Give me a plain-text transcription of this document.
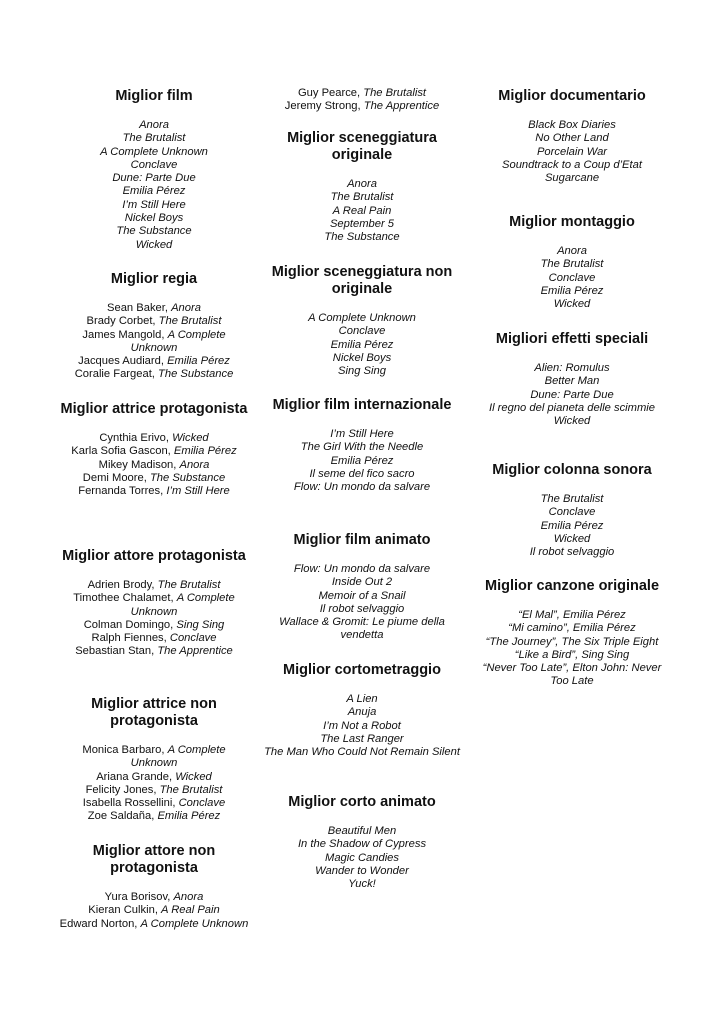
Miglior film
Anora
The Brutalist
A Complete Unknown
Conclave
Dune: Parte Due
Emilia Pérez
I’m Still Here
Nickel Boys
The Substance
Wicked
Miglior regia
Sean Baker, Anora
Brady Corbet, The Brutalist
James Mangold, A Complete Unknown
Jacques Audiard, Emilia Pérez
Coralie Fargeat, The Substance
Miglior attrice protagonista
Cynthia Erivo, Wicked
Karla Sofia Gascon, Emilia Pérez
Mikey Madison, Anora
Demi Moore, The Substance
Fernanda Torres, I’m Still Here
Miglior attore protagonista
Adrien Brody, The Brutalist
Timothee Chalamet, A Complete Unknown
Colman Domingo, Sing Sing
Ralph Fiennes, Conclave
Sebastian Stan, The Apprentice
Miglior attrice non protagonista
Monica Barbaro, A Complete Unknown
Ariana Grande, Wicked
Felicity Jones, The Brutalist
Isabella Rossellini, Conclave
Zoe Saldaña, Emilia Pérez
Miglior attore non protagonista
Yura Borisov, Anora
Kieran Culkin, A Real Pain
Edward Norton, A Complete Unknown
Guy Pearce, The Brutalist
Jeremy Strong, The Apprentice
Miglior sceneggiatura originale
Anora
The Brutalist
A Real Pain
September 5
The Substance
Miglior sceneggiatura non originale
A Complete Unknown
Conclave
Emilia Pérez
Nickel Boys
Sing Sing
Miglior film internazionale
I’m Still Here
The Girl With the Needle
Emilia Pérez
Il seme del fico sacro
Flow: Un mondo da salvare
Miglior film animato
Flow: Un mondo da salvare
Inside Out 2
Memoir of a Snail
Il robot selvaggio
Wallace & Gromit: Le piume della vendetta
Miglior cortometraggio
A Lien
Anuja
I’m Not a Robot
The Last Ranger
The Man Who Could Not Remain Silent
Miglior corto animato
Beautiful Men
In the Shadow of Cypress
Magic Candies
Wander to Wonder
Yuck!
Miglior documentario
Black Box Diaries
No Other Land
Porcelain War
Soundtrack to a Coup d’Etat
Sugarcane
Miglior montaggio
Anora
The Brutalist
Conclave
Emilia Pérez
Wicked
Migliori effetti speciali
Alien: Romulus
Better Man
Dune: Parte Due
Il regno del pianeta delle scimmie
Wicked
Miglior colonna sonora
The Brutalist
Conclave
Emilia Pérez
Wicked
Il robot selvaggio
Miglior canzone originale
“El Mal”, Emilia Pérez
“Mi camino”, Emilia Pérez
“The Journey”, The Six Triple Eight
“Like a Bird”, Sing Sing
“Never Too Late”, Elton John: Never Too Late
